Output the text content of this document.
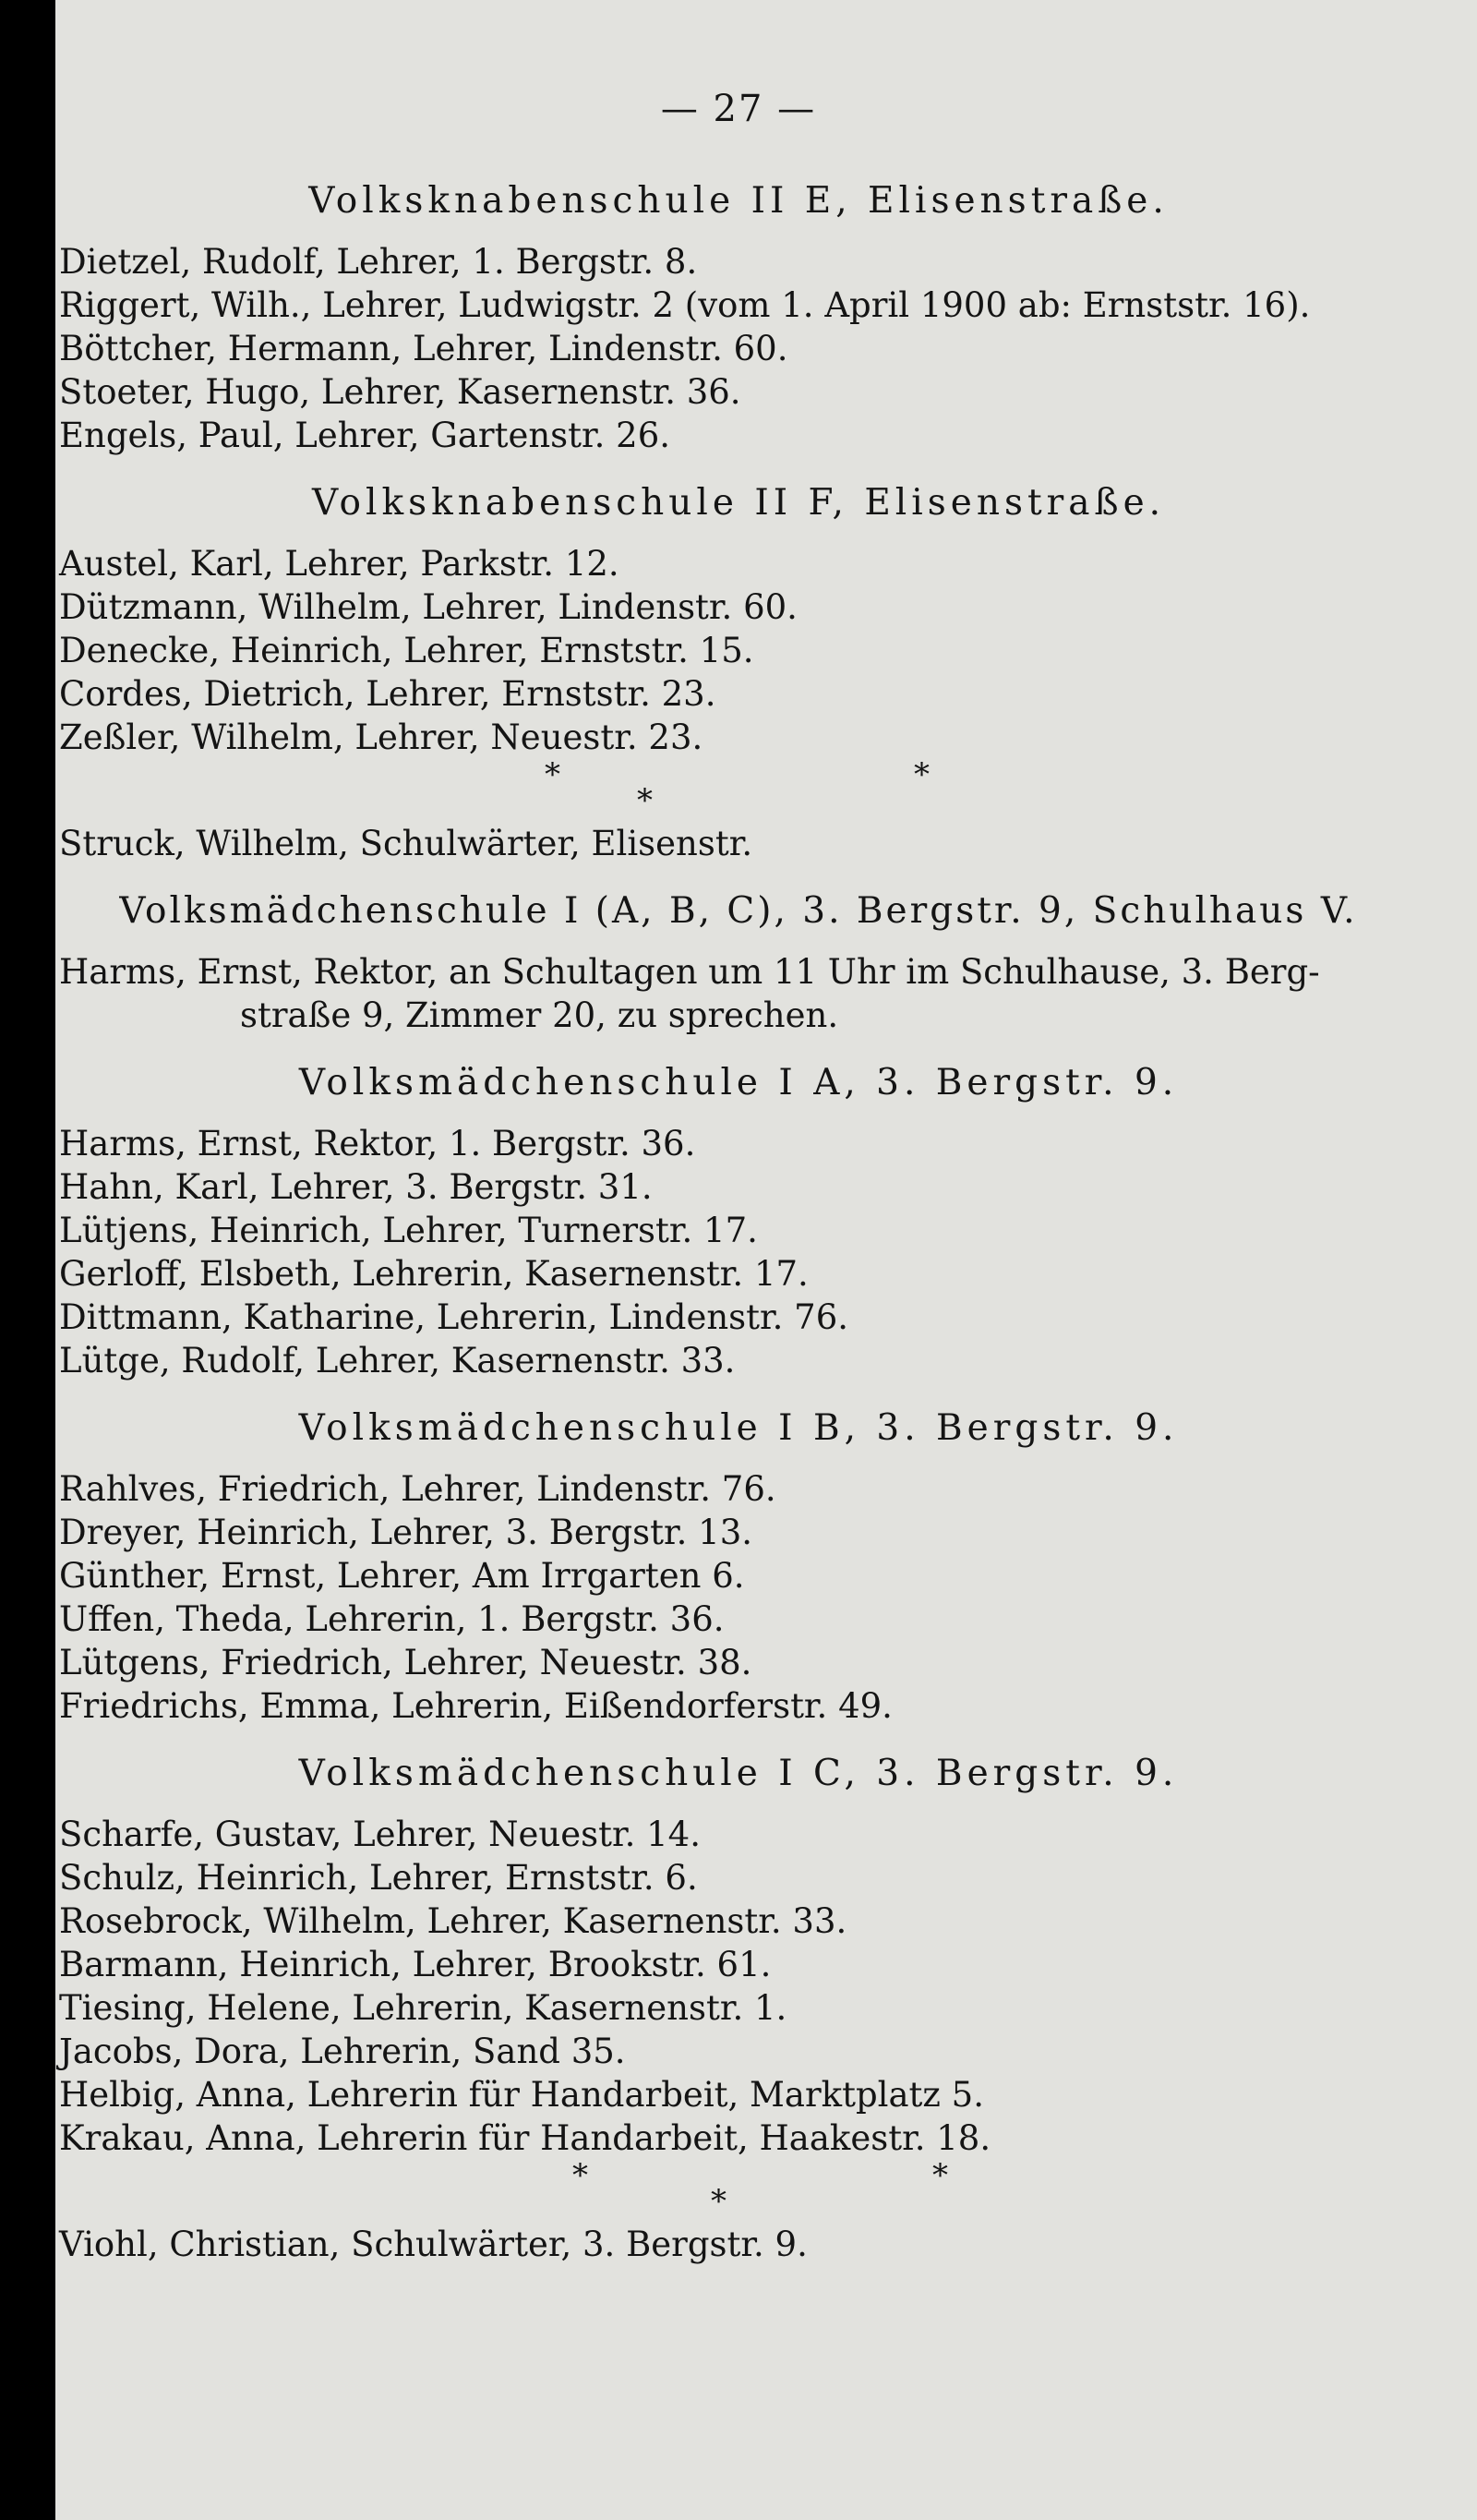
— 27 —
Volksknabenschule II E, Elisenstraße.
Dietzel, Rudolf, Lehrer, 1. Bergstr. 8.
Riggert, Wilh., Lehrer, Ludwigstr. 2 (vom 1. April 1900 ab: Ernststr. 16).
Böttcher, Hermann, Lehrer, Lindenstr. 60.
Stoeter, Hugo, Lehrer, Kasernenstr. 36.
Engels, Paul, Lehrer, Gartenstr. 26.
Volksknabenschule II F, Elisenstraße.
Austel, Karl, Lehrer, Parkstr. 12.
Dützmann, Wilhelm, Lehrer, Lindenstr. 60.
Denecke, Heinrich, Lehrer, Ernststr. 15.
Cordes, Dietrich, Lehrer, Ernststr. 23.
Zeßler, Wilhelm, Lehrer, Neuestr. 23.
*
*
*
Struck, Wilhelm, Schulwärter, Elisenstr.
Volksmädchenschule I (A, B, C), 3. Bergstr. 9, Schulhaus V.
Harms, Ernst, Rektor, an Schultagen um 11 Uhr im Schulhause, 3. Berg-
straße 9, Zimmer 20, zu sprechen.
Volksmädchenschule I A, 3. Bergstr. 9.
Harms, Ernst, Rektor, 1. Bergstr. 36.
Hahn, Karl, Lehrer, 3. Bergstr. 31.
Lütjens, Heinrich, Lehrer, Turnerstr. 17.
Gerloff, Elsbeth, Lehrerin, Kasernenstr. 17.
Dittmann, Katharine, Lehrerin, Lindenstr. 76.
Lütge, Rudolf, Lehrer, Kasernenstr. 33.
Volksmädchenschule I B, 3. Bergstr. 9.
Rahlves, Friedrich, Lehrer, Lindenstr. 76.
Dreyer, Heinrich, Lehrer, 3. Bergstr. 13.
Günther, Ernst, Lehrer, Am Irrgarten 6.
Uffen, Theda, Lehrerin, 1. Bergstr. 36.
Lütgens, Friedrich, Lehrer, Neuestr. 38.
Friedrichs, Emma, Lehrerin, Eißendorferstr. 49.
Volksmädchenschule I C, 3. Bergstr. 9.
Scharfe, Gustav, Lehrer, Neuestr. 14.
Schulz, Heinrich, Lehrer, Ernststr. 6.
Rosebrock, Wilhelm, Lehrer, Kasernenstr. 33.
Barmann, Heinrich, Lehrer, Brookstr. 61.
Tiesing, Helene, Lehrerin, Kasernenstr. 1.
Jacobs, Dora, Lehrerin, Sand 35.
Helbig, Anna, Lehrerin für Handarbeit, Marktplatz 5.
Krakau, Anna, Lehrerin für Handarbeit, Haakestr. 18.
*
*
*
Viohl, Christian, Schulwärter, 3. Bergstr. 9.
